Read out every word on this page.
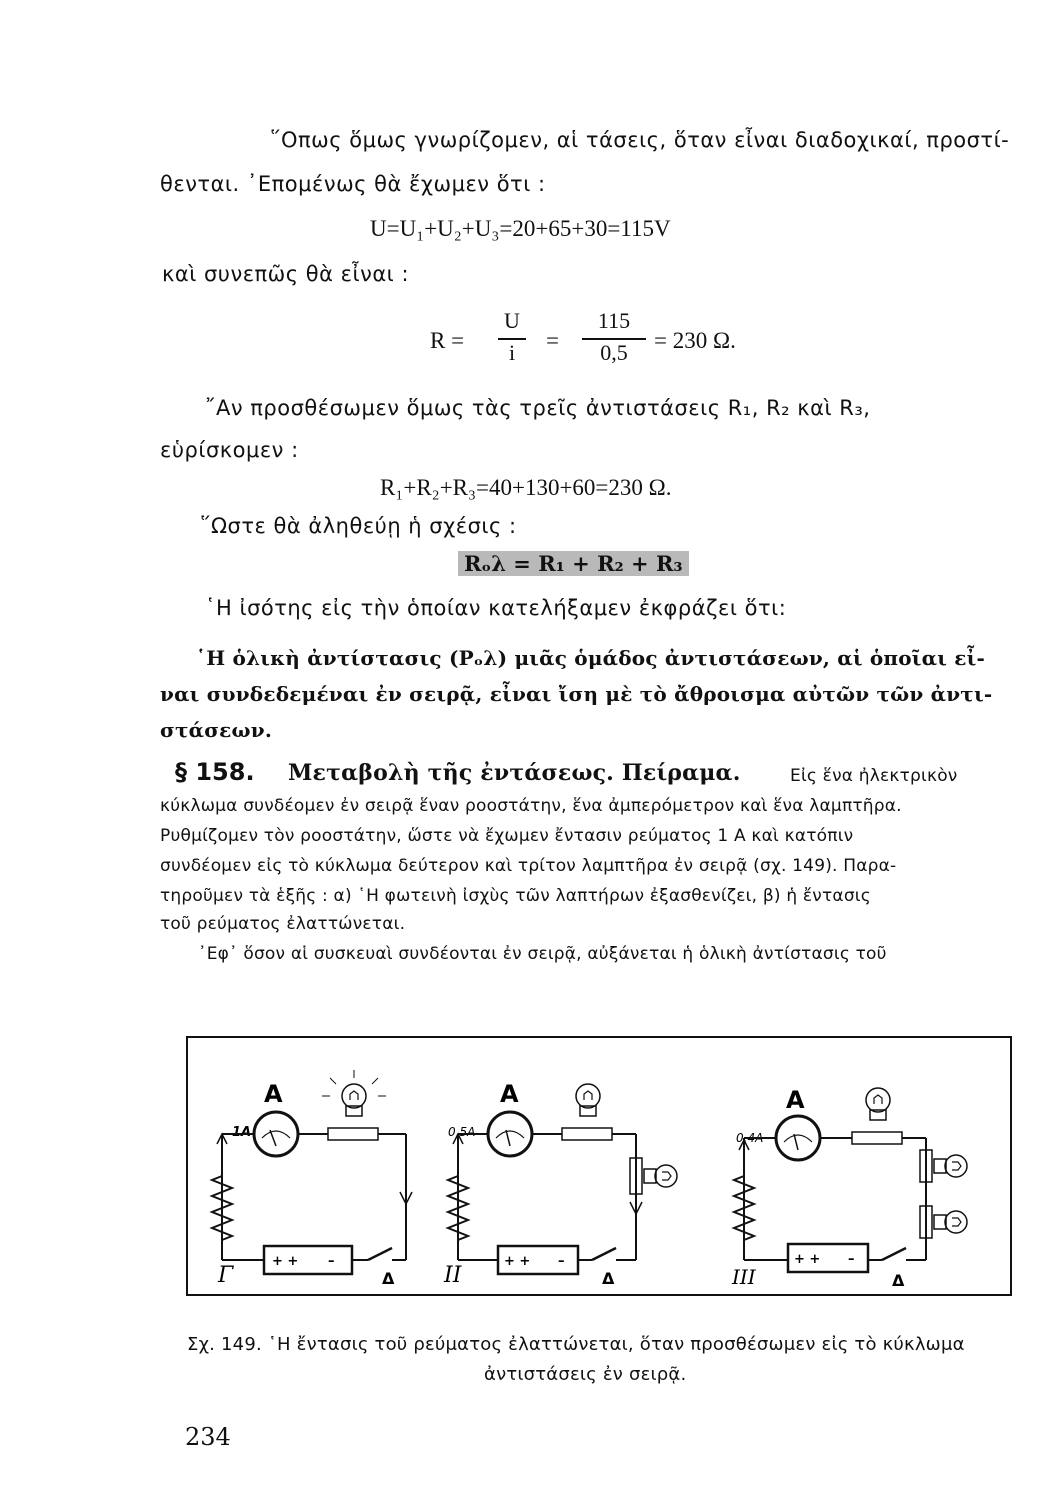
῞Οπως ὅμως γνωρίζομεν, αἱ τάσεις, ὅταν εἶναι διαδοχικαί, προστί-
θενται. ᾿Επομένως θὰ ἔχωμεν ὅτι :
U=U₁+U₂+U₃=20+65+30=115V
καὶ συνεπῶς θὰ εἶναι :
R =
U
i	=
115
0,5	= 230 Ω.
῎Αν προσθέσωμεν ὅμως τὰς τρεῖς ἀντιστάσεις R₁, R₂ καὶ R₃,
εὑρίσκομεν :
R₁+R₂+R₃=40+130+60=230 Ω.
῞Ωστε θὰ ἀληθεύῃ ἡ σχέσις :
Rₒλ = R₁ + R₂ + R₃
῾Η ἰσότης εἰς τὴν ὁποίαν κατελήξαμεν ἐκφράζει ὅτι:
῾Η ὁλικὴ ἀντίστασις (Pₒλ) μιᾶς ὁμάδος ἀντιστάσεων, αἱ ὁποῖαι εἶ-
ναι συνδεδεμέναι ἐν σειρᾷ, εἶναι ἴση μὲ τὸ ἄθροισμα αὐτῶν τῶν ἀντι-
στάσεων.
§ 158. Μεταβολὴ τῆς ἐντάσεως. Πείραμα.	Εἰς ἕνα ἠλεκτρικὸν
κύκλωμα συνδέομεν ἐν σειρᾷ ἕναν ροοστάτην, ἕνα ἀμπερόμετρον καὶ ἕνα λαμπτῆρα.
Ρυθμίζομεν τὸν ροοστάτην, ὥστε νὰ ἔχωμεν ἔντασιν ρεύματος 1 Α καὶ κατόπιν
συνδέομεν εἰς τὸ κύκλωμα δεύτερον καὶ τρίτον λαμπτῆρα ἐν σειρᾷ (σχ. 149). Παρα-
τηροῦμεν τὰ ἑξῆς : α) ῾Η φωτεινὴ ἰσχὺς τῶν λαπτήρων ἐξασθενίζει, β) ἡ ἔντασις
τοῦ ρεύματος ἐλαττώνεται.
᾿Εφ᾿ ὅσον αἱ συσκευαὶ συνδέονται ἐν σειρᾷ, αὐξάνεται ἡ ὁλικὴ ἀντίστασις τοῦ
1A
A
+ + –
Δ
Γ
0,5A
A
+ + –
Δ
II
0,4A
A
+ + –
Δ
III
Σχ. 149. ῾Η ἔντασις τοῦ ρεύματος ἐλαττώνεται, ὅταν προσθέσωμεν εἰς τὸ κύκλωμα
ἀντιστάσεις ἐν σειρᾷ.
234
